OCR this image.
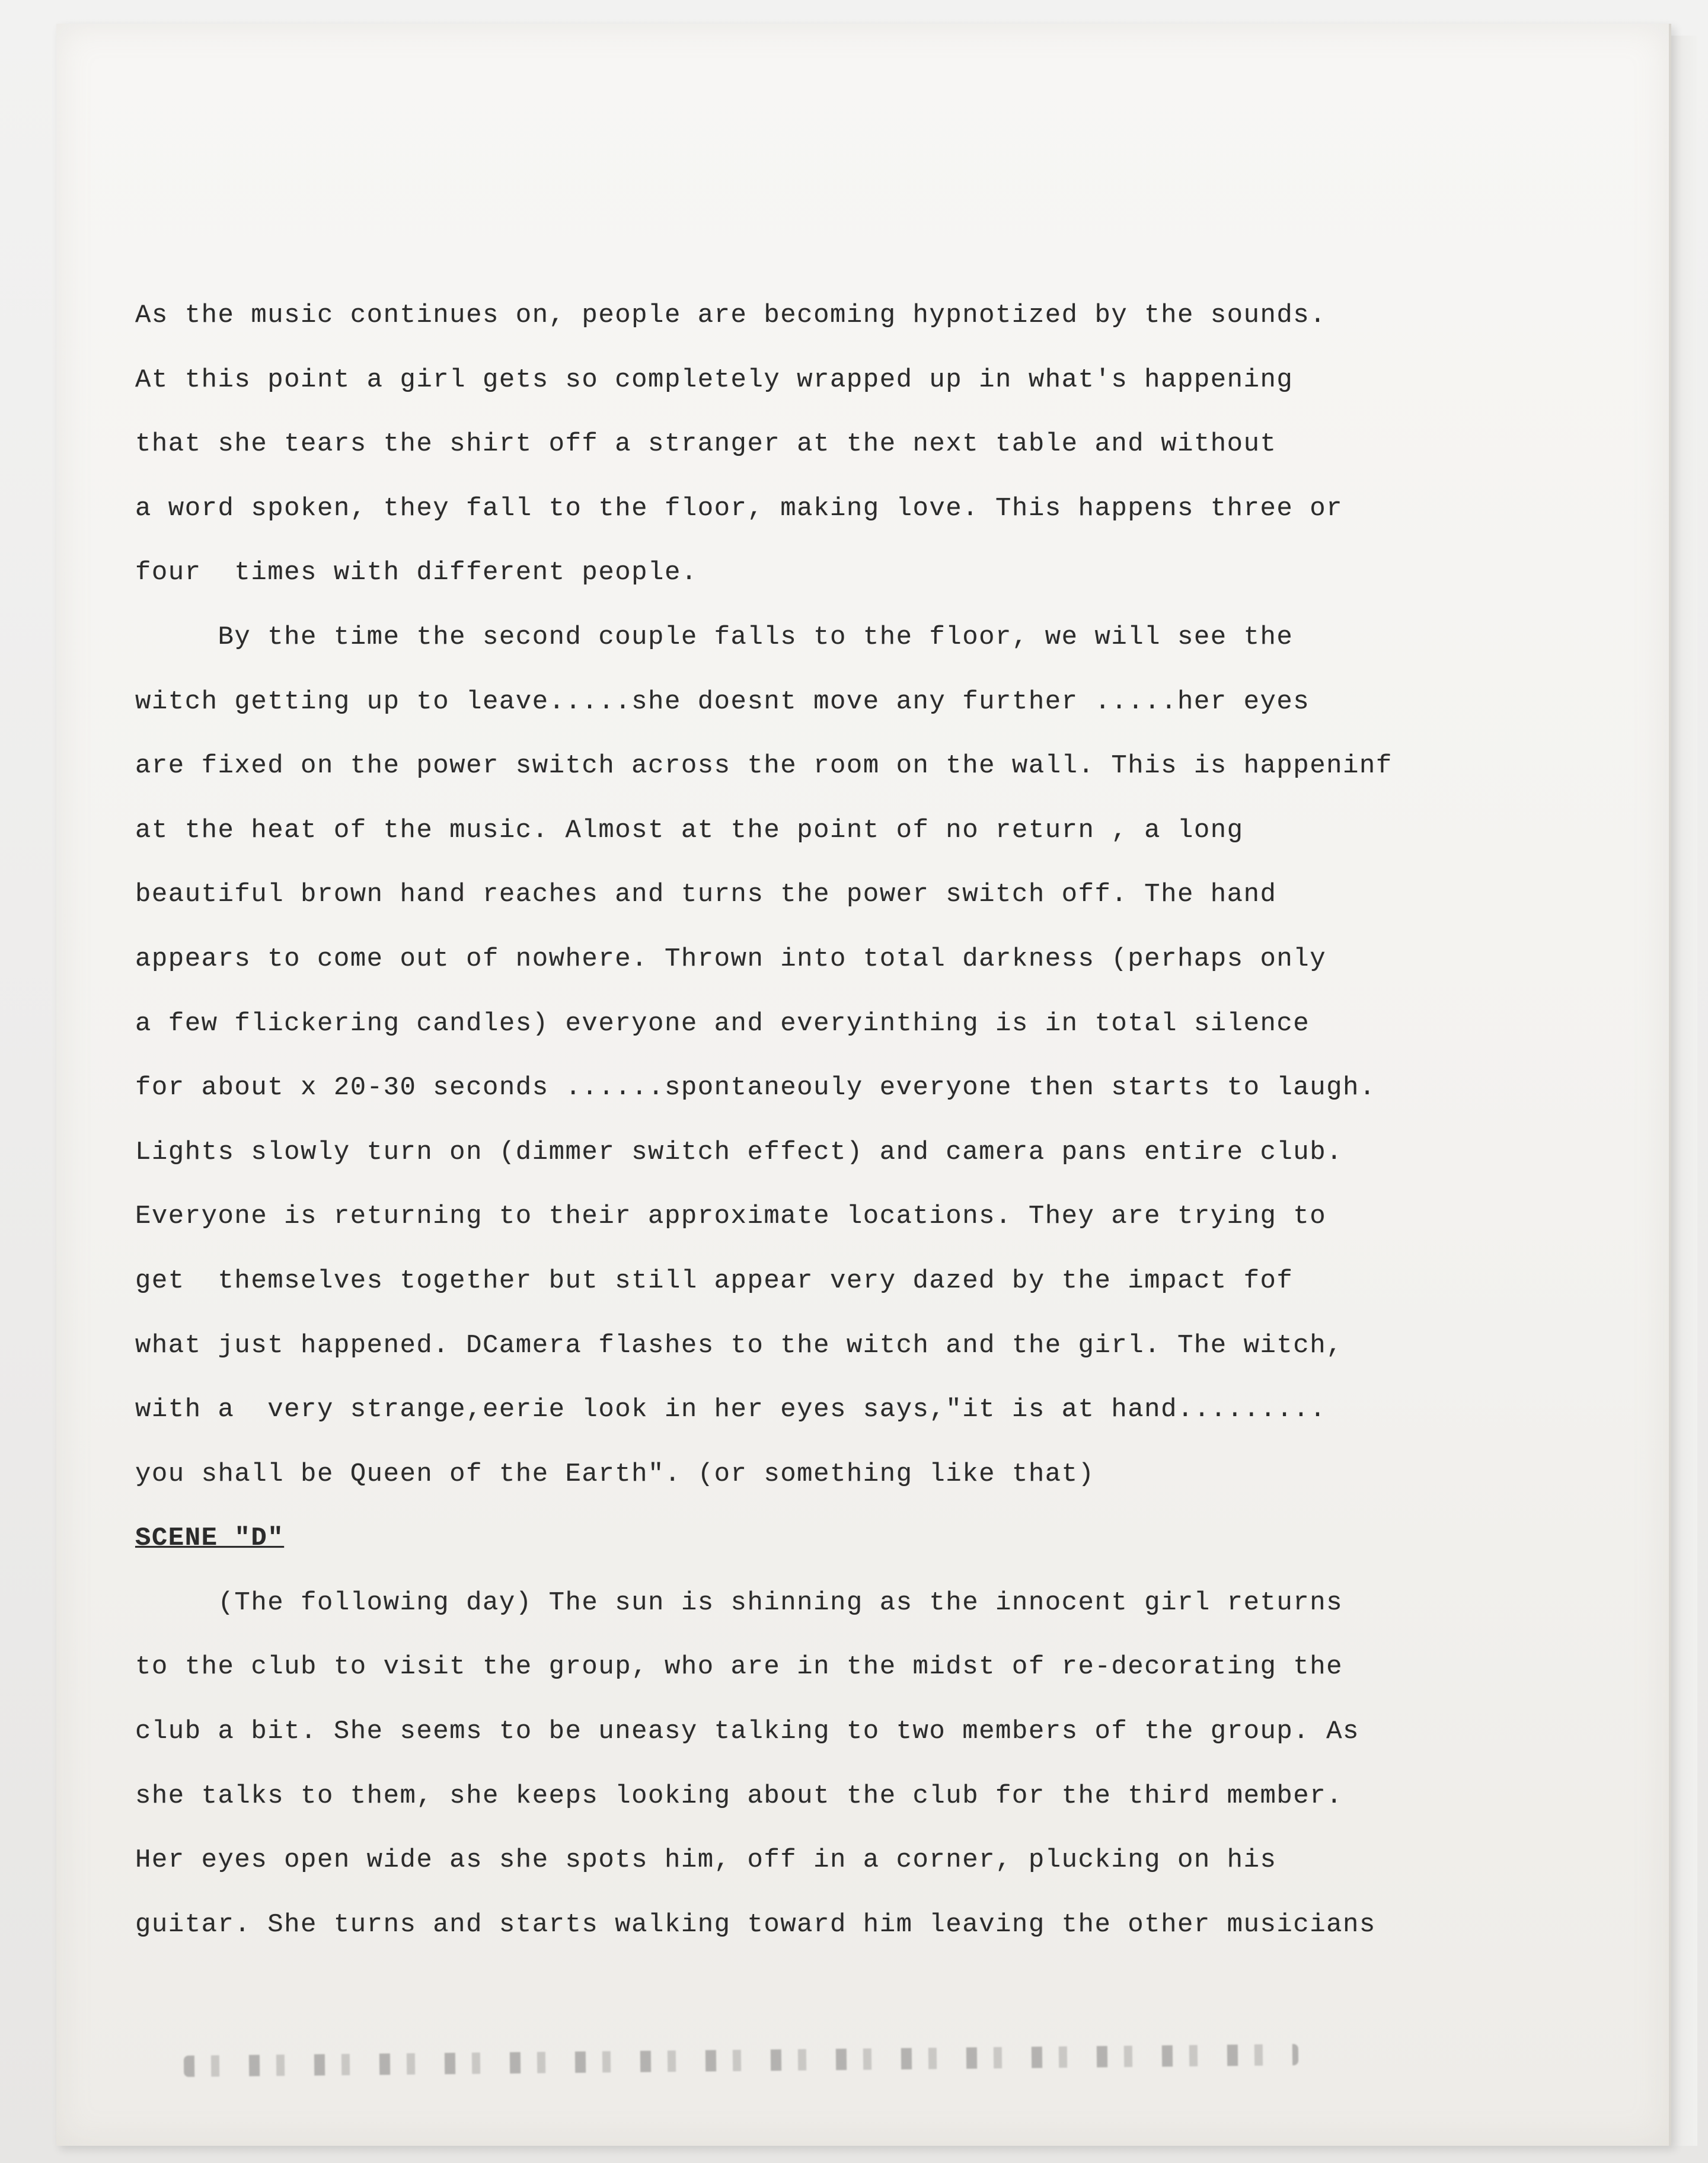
As the music continues on, people are becoming hypnotized by the sounds.
At this point a girl gets so completely wrapped up in what's happening
that she tears the shirt off a stranger at the next table and without
a word spoken, they fall to the floor, making love. This happens three or
four  times with different people.
By the time the second couple falls to the floor, we will see the
witch getting up to leave.....she doesnt move any further .....her eyes
are fixed on the power switch across the room on the wall. This is happeninf
at the heat of the music. Almost at the point of no return , a long
beautiful brown hand reaches and turns the power switch off. The hand
appears to come out of nowhere. Thrown into total darkness (perhaps only
a few flickering candles) everyone and everyinthing is in total silence
for about x 20-30 seconds ......spontaneouly everyone then starts to laugh.
Lights slowly turn on (dimmer switch effect) and camera pans entire club.
Everyone is returning to their approximate locations. They are trying to
get  themselves together but still appear very dazed by the impact fof
what just happened. DCamera flashes to the witch and the girl. The witch,
with a  very strange,eerie look in her eyes says,"it is at hand.........
you shall be Queen of the Earth". (or something like that)
SCENE "D"
(The following day) The sun is shinning as the innocent girl returns
to the club to visit the group, who are in the midst of re-decorating the
club a bit. She seems to be uneasy talking to two members of the group. As
she talks to them, she keeps looking about the club for the third member.
Her eyes open wide as she spots him, off in a corner, plucking on his
guitar. She turns and starts walking toward him leaving the other musicians
